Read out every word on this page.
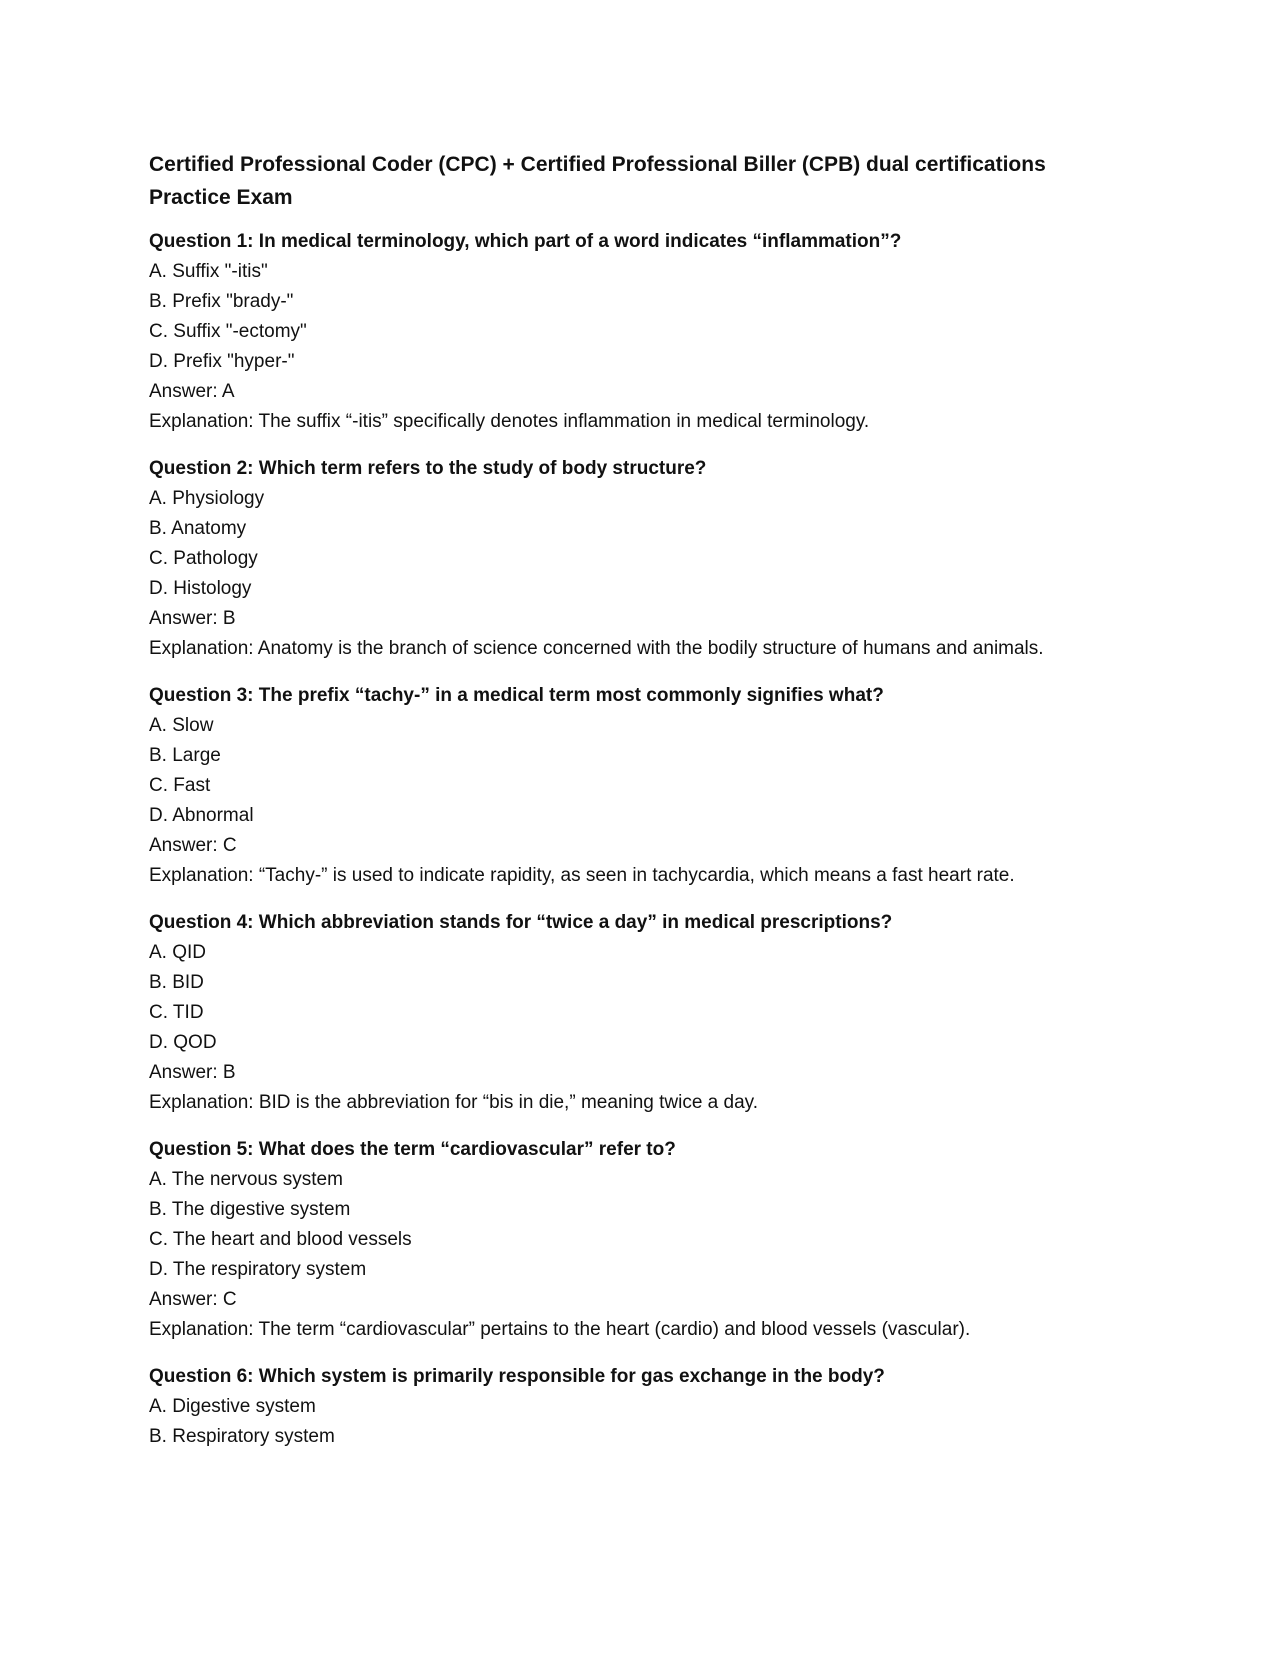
Certified Professional Coder (CPC) + Certified Professional Biller (CPB) dual certifications
Practice Exam

Question 1: In medical terminology, which part of a word indicates “inflammation”?

A. Suffix "-itis"

B. Prefix "brady-"

C. Suffix "-ectomy"

D. Prefix "hyper-"

Answer: A

Explanation: The suffix “-itis” specifically denotes inflammation in medical terminology.

Question 2: Which term refers to the study of body structure?

A. Physiology

B. Anatomy

C. Pathology

D. Histology

Answer: B

Explanation: Anatomy is the branch of science concerned with the bodily structure of humans and animals.

Question 3: The prefix “tachy-” in a medical term most commonly signifies what?

A. Slow

B. Large

C. Fast

D. Abnormal

Answer: C

Explanation: “Tachy-” is used to indicate rapidity, as seen in tachycardia, which means a fast heart rate.

Question 4: Which abbreviation stands for “twice a day” in medical prescriptions?

A. QID

B. BID

C. TID

D. QOD

Answer: B

Explanation: BID is the abbreviation for “bis in die,” meaning twice a day.

Question 5: What does the term “cardiovascular” refer to?

A. The nervous system

B. The digestive system

C. The heart and blood vessels

D. The respiratory system

Answer: C

Explanation: The term “cardiovascular” pertains to the heart (cardio) and blood vessels (vascular).

Question 6: Which system is primarily responsible for gas exchange in the body?

A. Digestive system

B. Respiratory system
